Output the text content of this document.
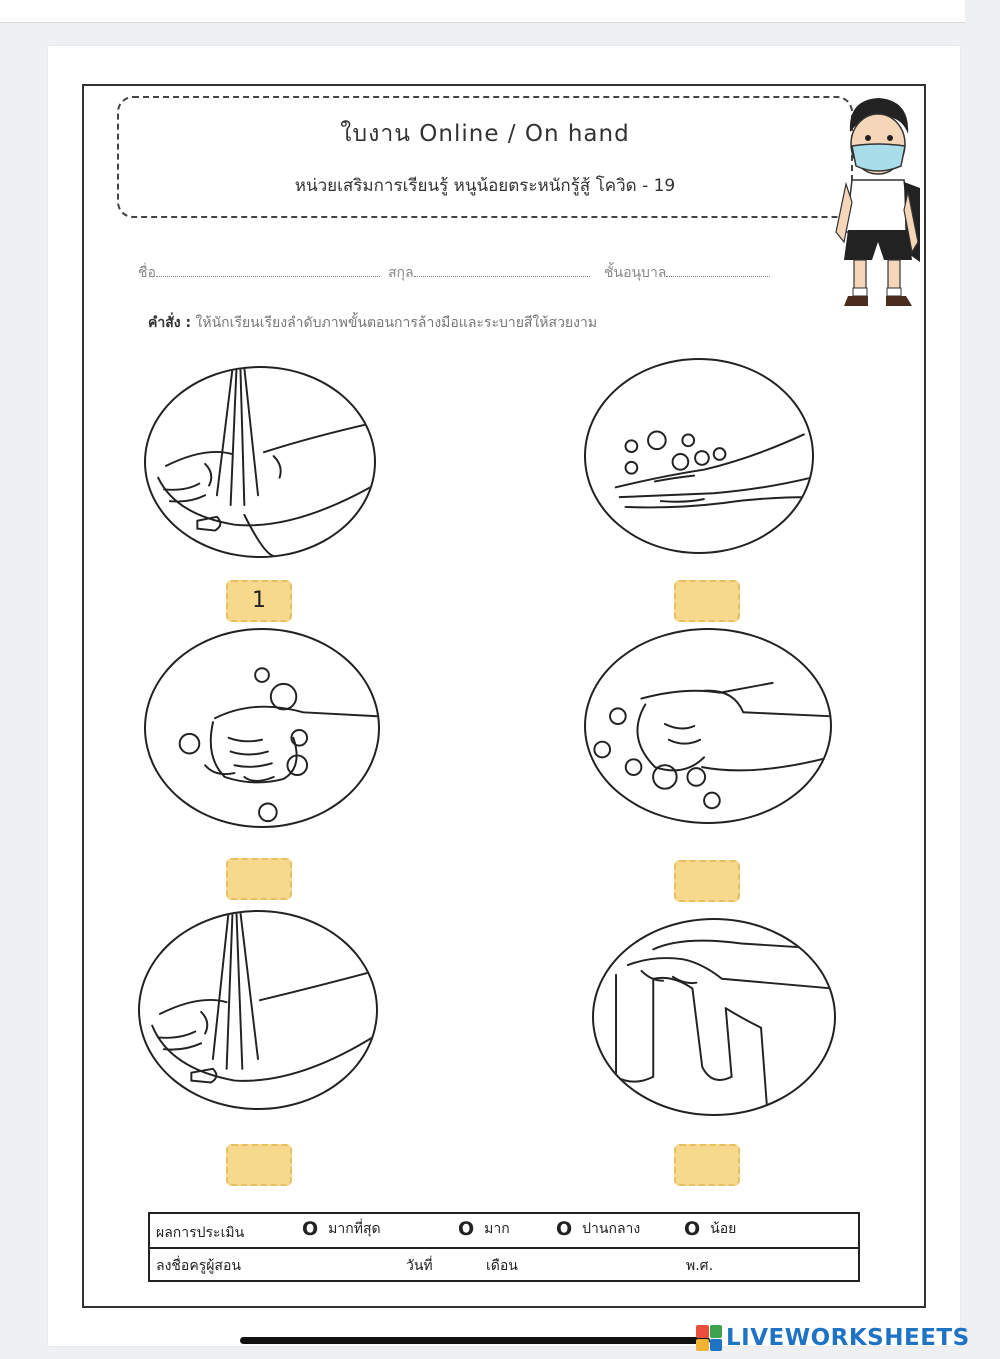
ใบงาน Online / On hand
หน่วยเสริมการเรียนรู้ หนูน้อยตระหนักรู้สู้ โควิด - 19
ชื่อ	สกุล	ชั้นอนุบาล
คำสั่ง : ให้นักเรียนเรียงลำดับภาพขั้นตอนการล้างมือและระบายสีให้สวยงาม
1
ผลการประเมิน	O มากที่สุด	O มาก O ปานกลาง O น้อย
ลงชื่อครูผู้สอน	วันที่	เดือน	พ.ศ.
LIVEWORKSHEETS
